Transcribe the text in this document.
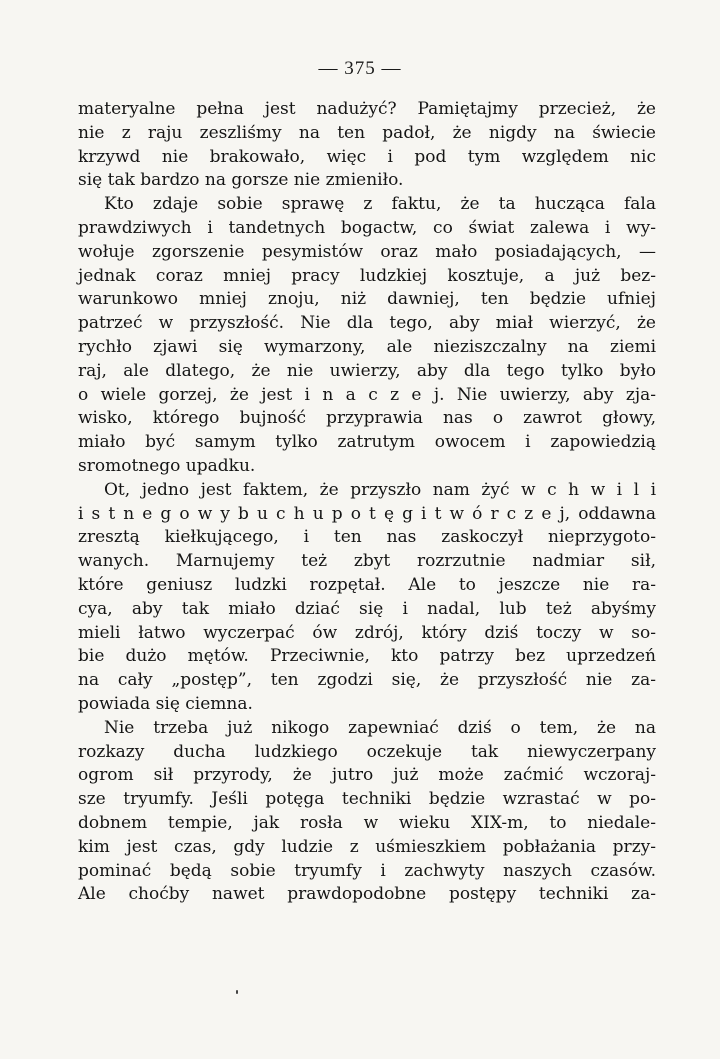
— 375 —
materyalne pełna jest nadużyć? Pamiętajmy przecież, że
nie z raju zeszliśmy na ten padoł, że nigdy na świecie
krzywd nie brakowało, więc i pod tym względem nic
się tak bardzo na gorsze nie zmieniło.
Kto zdaje sobie sprawę z faktu, że ta hucząca fala
prawdziwych i tandetnych bogactw, co świat zalewa i wy-
wołuje zgorszenie pesymistów oraz mało posiadających, —
jednak coraz mniej pracy ludzkiej kosztuje, a już bez-
warunkowo mniej znoju, niż dawniej, ten będzie ufniej
patrzeć w przyszłość. Nie dla tego, aby miał wierzyć, że
rychło zjawi się wymarzony, ale nieziszczalny na ziemi
raj, ale dlatego, że nie uwierzy, aby dla tego tylko było
o wiele gorzej, że jest i n a c z e j. Nie uwierzy, aby zja-
wisko, którego bujność przyprawia nas o zawrot głowy,
miało być samym tylko zatrutym owocem i zapowiedzią
sromotnego upadku.
Ot, jedno jest faktem, że przyszło nam żyć w c h w i l i
i s t n e g o w y b u c h u p o t ę g i t w ó r c z e j, oddawna
zresztą kiełkującego, i ten nas zaskoczył nieprzygoto-
wanych. Marnujemy też zbyt rozrzutnie nadmiar sił,
które geniusz ludzki rozpętał. Ale to jeszcze nie ra-
cya, aby tak miało dziać się i nadal, lub też abyśmy
mieli łatwo wyczerpać ów zdrój, który dziś toczy w so-
bie dużo mętów. Przeciwnie, kto patrzy bez uprzedzeń
na cały „postęp”, ten zgodzi się, że przyszłość nie za-
powiada się ciemna.
Nie trzeba już nikogo zapewniać dziś o tem, że na
rozkazy ducha ludzkiego oczekuje tak niewyczerpany
ogrom sił przyrody, że jutro już może zaćmić wczoraj-
sze tryumfy. Jeśli potęga techniki będzie wzrastać w po-
dobnem tempie, jak rosła w wieku XIX-m, to niedale-
kim jest czas, gdy ludzie z uśmieszkiem pobłażania przy-
pominać będą sobie tryumfy i zachwyty naszych czasów.
Ale choćby nawet prawdopodobne postępy techniki za-
